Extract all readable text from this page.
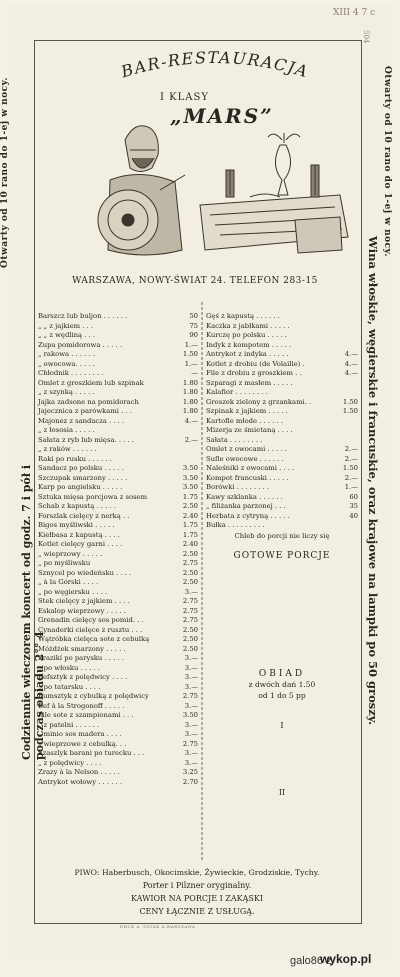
XIII 4 7 c
504
BAR-RESTAURACJA
I KLASY
„MARS”
WARSZAWA, NOWY-ŚWIAT 24. TELEFON 283-15
Otwarty od 10 rano do 1-ej w nocy.	Otwarty od 10 rano do 1-ej w nocy.
Codziennie wieczorem koncert od godz. 7 i pół i podczas obiadu 2°° 4	Wina włoskie, węgierskie i francuskie, oraz krajowe na lampki po 50 groszy.
Barszcz lub buljon . . . . . .	50
„ „ z jajkiem . . .	75
„ „ z wędliną . . .	90
Zupa pomidorowa . . . . .	1.—
„ rakowa . . . . . .	1.50
„ owocowa. . . . .	1.—
Chłodnik . . . . . . . .	—
Omlet z groszkiem lub szpinak	1.80
„ z szynką . . . . .	1.80
Jajka zadsone na pomidorach	1.80
Jajecznica z parówkami . . .	1.80
Majonez z sandacza . . . .	4.—
„ z łososia . . . . .
Sałata z ryb lub mięsa. . . . .	2.—
„ z raków . . . . . .
Raki po rusku . . . . . .
Sandacz po polsku . . . . .	3.50
Szczupak smarzony . . . . .	3.50
Karp po angielsku . . . . .	3.50
Sztuka mięsa porcjowa z sosem	1.75
Schab z kapustą . . . . .	2.50
Forszlak cielęcy z nerką . .	2.40
Bigos myśliwski . . . . .	1.75
Kiełbasa z kapustą . . . .	1.75
Kotlet cielęcy garni . . . .	2.40
„ wieprzowy . . . . .	2.50
„ po myśliwsku	2.75
Sznycel po wiedeńsku . . . .	2.50
„ à la Górski . . . .	2.50
„ po węgiersku . . . .	3.—
Stek cielęcy z jajkiem . . . .	2.75
Eskalop wieprzowy . . . . .	2.75
Grenadin cielęcy sos pomid. . .	2.75
Cynaderki cielęce z rusztu . . .	2.50
Wątróbka cielęca sote z cebulką	2.50
Móżdżek smarzony . . . . .	2.50
Zrazikí po parysku . . . . .	3.—
„ po włosku . . . . .	3.—
Befsztyk z polędwicy . . . .	3.—
„ po tatarsku . . . .	3.—
Rumsztyk z cybulką z polędwicy	2.75
Bef à la Strogonoff . . . . .	3.—
Pile sote z szampionami . . .	3.50
„ z patelni . . . . . .	3.—
„ minio sos madera . . . .	3.—
„ wieprzowe z cebulką. . .	2.75
Szaszlyk barani po turecku . . .	3.—
„ z polędwicy . . . .	3.—
Zrazy à la Nelson . . . . .	3.25
Antrykot wołowy . . . . . .	2.70
Gęś z kapustą . . . . . .
Kaczka z jabłkami . . . . .
Kurczę po polsku . . . . .
Indyk z kompotem . . . . .
Antrykot z indyka . . . . .	4.—
Kotlet z drobiu (de Volaille) .	4.—
File z drobiu z groszkiem . .	4.—
Szparagi z masłem . . . . .
Kalafior . . . . . . . .
Groszek zielony z grzankami. .	1.50
Szpinak z jajkiem . . . . .	1.50
Kartofle młode . . . . . .
Mizerja ze śmietaną . . . .
Sałata . . . . . . . .
Omlet z owocami . . . . .	2.—
Sufle owocowe . . . . . .	2.—
Naleśniki z owocami . . . .	1.50
Kompot francuski . . . . .	2.—
Borówki . . . . . . . .	1.—
Kawy szklanka . . . . . .	60
„ filiżanka parzonej . . .	35
Herbata z cytryną . . . . .	40
Bułka . . . . . . . . .
Chleb do porcji nie liczy się
GOTOWE PORCJE
OBIAD
z dwóch dań 1.50
od 1 do 5 pp
I
II
PIWO: Haberbusch, Okocimskie, Żywieckie, Grodziskie, Tychy.
Porter i Pilzner oryginalny.
KAWIOR NA PORCJE I ZAKĄSKI
CENY ŁĄCZNIE Z USŁUGĄ.
DRUK A. SZTAB A.WARSZAWA
galo86 z
wykop.pl
